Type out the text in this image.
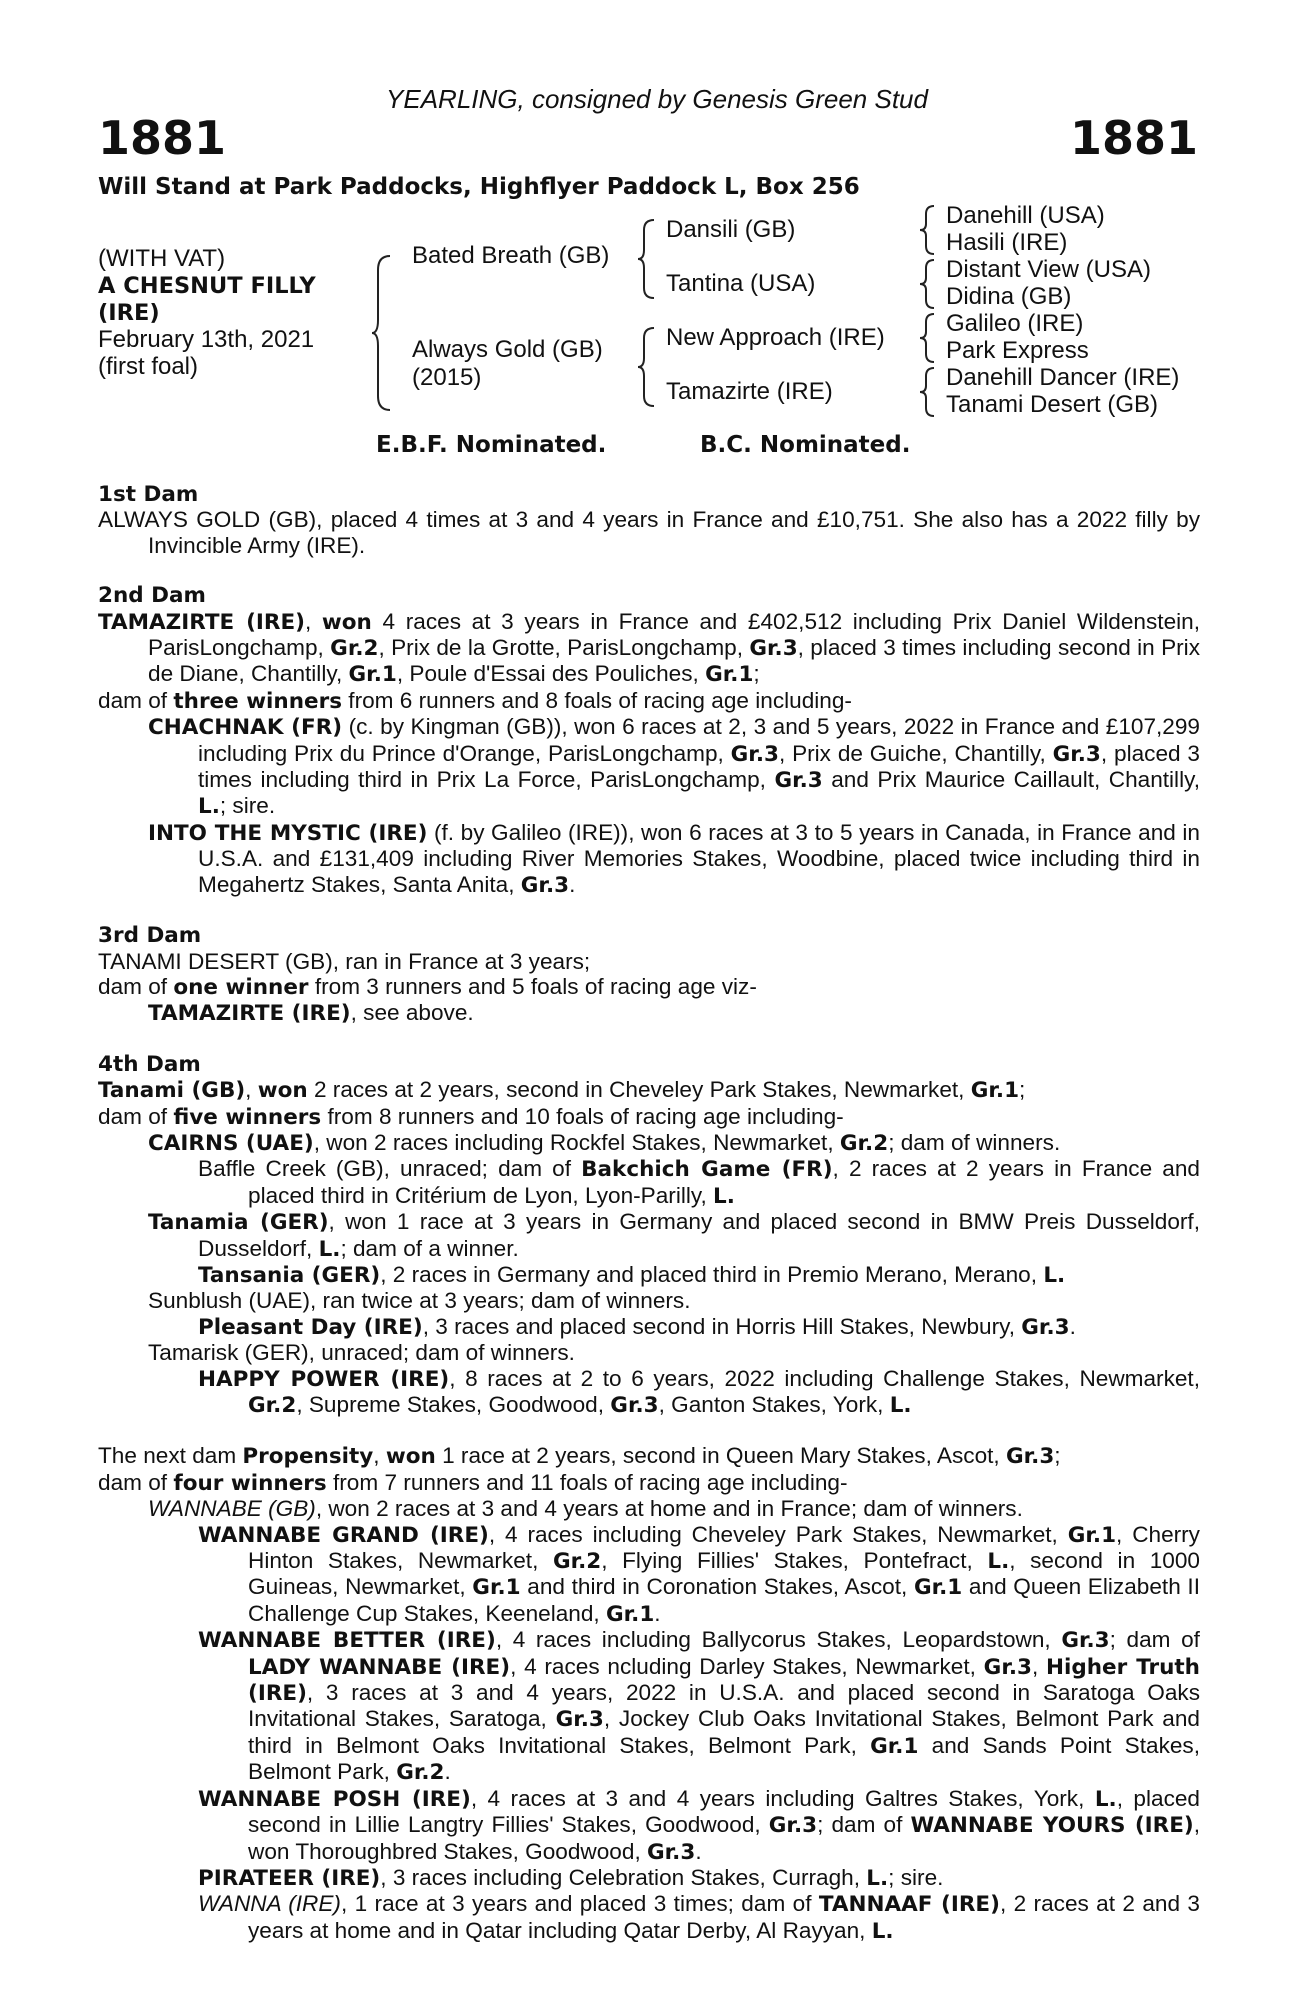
YEARLING, consigned by Genesis Green Stud
1881	1881
Will Stand at Park Paddocks, Highflyer Paddock L, Box 256
(WITH VAT)
A CHESNUT FILLY
(IRE)
February 13th, 2021
(first foal)
Bated Breath (GB)
Always Gold (GB)
(2015)
Dansili (GB)
Tantina (USA)
New Approach (IRE)
Tamazirte (IRE)
Danehill (USA)
Hasili (IRE)
Distant View (USA)
Didina (GB)
Galileo (IRE)
Park Express
Danehill Dancer (IRE)
Tanami Desert (GB)
E.B.F. Nominated.	B.C. Nominated.

1st Dam

ALWAYS GOLD (GB), placed 4 times at 3 and 4 years in France and £10,751. She also has a 2022 filly by Invincible Army (IRE).

2nd Dam

TAMAZIRTE (IRE), won 4 races at 3 years in France and £402,512 including Prix Daniel Wildenstein, ParisLongchamp, Gr.2, Prix de la Grotte, ParisLongchamp, Gr.3, placed 3 times including second in Prix de Diane, Chantilly, Gr.1, Poule d'Essai des Pouliches, Gr.1;

dam of three winners from 6 runners and 8 foals of racing age including-

CHACHNAK (FR) (c. by Kingman (GB)), won 6 races at 2, 3 and 5 years, 2022 in France and £107,299 including Prix du Prince d'Orange, ParisLongchamp, Gr.3, Prix de Guiche, Chantilly, Gr.3, placed 3 times including third in Prix La Force, ParisLongchamp, Gr.3 and Prix Maurice Caillault, Chantilly, L.; sire.

INTO THE MYSTIC (IRE) (f. by Galileo (IRE)), won 6 races at 3 to 5 years in Canada, in France and in U.S.A. and £131,409 including River Memories Stakes, Woodbine, placed twice including third in Megahertz Stakes, Santa Anita, Gr.3.

3rd Dam

TANAMI DESERT (GB), ran in France at 3 years;

dam of one winner from 3 runners and 5 foals of racing age viz-

TAMAZIRTE (IRE), see above.

4th Dam

Tanami (GB), won 2 races at 2 years, second in Cheveley Park Stakes, Newmarket, Gr.1;

dam of five winners from 8 runners and 10 foals of racing age including-

CAIRNS (UAE), won 2 races including Rockfel Stakes, Newmarket, Gr.2; dam of winners.

Baffle Creek (GB), unraced; dam of Bakchich Game (FR), 2 races at 2 years in France and placed third in Critérium de Lyon, Lyon-Parilly, L.

Tanamia (GER), won 1 race at 3 years in Germany and placed second in BMW Preis Dusseldorf, Dusseldorf, L.; dam of a winner.

Tansania (GER), 2 races in Germany and placed third in Premio Merano, Merano, L.

Sunblush (UAE), ran twice at 3 years; dam of winners.

Pleasant Day (IRE), 3 races and placed second in Horris Hill Stakes, Newbury, Gr.3.

Tamarisk (GER), unraced; dam of winners.

HAPPY POWER (IRE), 8 races at 2 to 6 years, 2022 including Challenge Stakes, Newmarket, Gr.2, Supreme Stakes, Goodwood, Gr.3, Ganton Stakes, York, L.

The next dam Propensity, won 1 race at 2 years, second in Queen Mary Stakes, Ascot, Gr.3;

dam of four winners from 7 runners and 11 foals of racing age including-

WANNABE (GB), won 2 races at 3 and 4 years at home and in France; dam of winners.

WANNABE GRAND (IRE), 4 races including Cheveley Park Stakes, Newmarket, Gr.1, Cherry Hinton Stakes, Newmarket, Gr.2, Flying Fillies' Stakes, Pontefract, L., second in 1000 Guineas, Newmarket, Gr.1 and third in Coronation Stakes, Ascot, Gr.1 and Queen Elizabeth II Challenge Cup Stakes, Keeneland, Gr.1.

WANNABE BETTER (IRE), 4 races including Ballycorus Stakes, Leopardstown, Gr.3; dam of LADY WANNABE (IRE), 4 races ncluding Darley Stakes, Newmarket, Gr.3, Higher Truth (IRE), 3 races at 3 and 4 years, 2022 in U.S.A. and placed second in Saratoga Oaks Invitational Stakes, Saratoga, Gr.3, Jockey Club Oaks Invitational Stakes, Belmont Park and third in Belmont Oaks Invitational Stakes, Belmont Park, Gr.1 and Sands Point Stakes, Belmont Park, Gr.2.

WANNABE POSH (IRE), 4 races at 3 and 4 years including Galtres Stakes, York, L., placed second in Lillie Langtry Fillies' Stakes, Goodwood, Gr.3; dam of WANNABE YOURS (IRE), won Thoroughbred Stakes, Goodwood, Gr.3.

PIRATEER (IRE), 3 races including Celebration Stakes, Curragh, L.; sire.

WANNA (IRE), 1 race at 3 years and placed 3 times; dam of TANNAAF (IRE), 2 races at 2 and 3 years at home and in Qatar including Qatar Derby, Al Rayyan, L.
